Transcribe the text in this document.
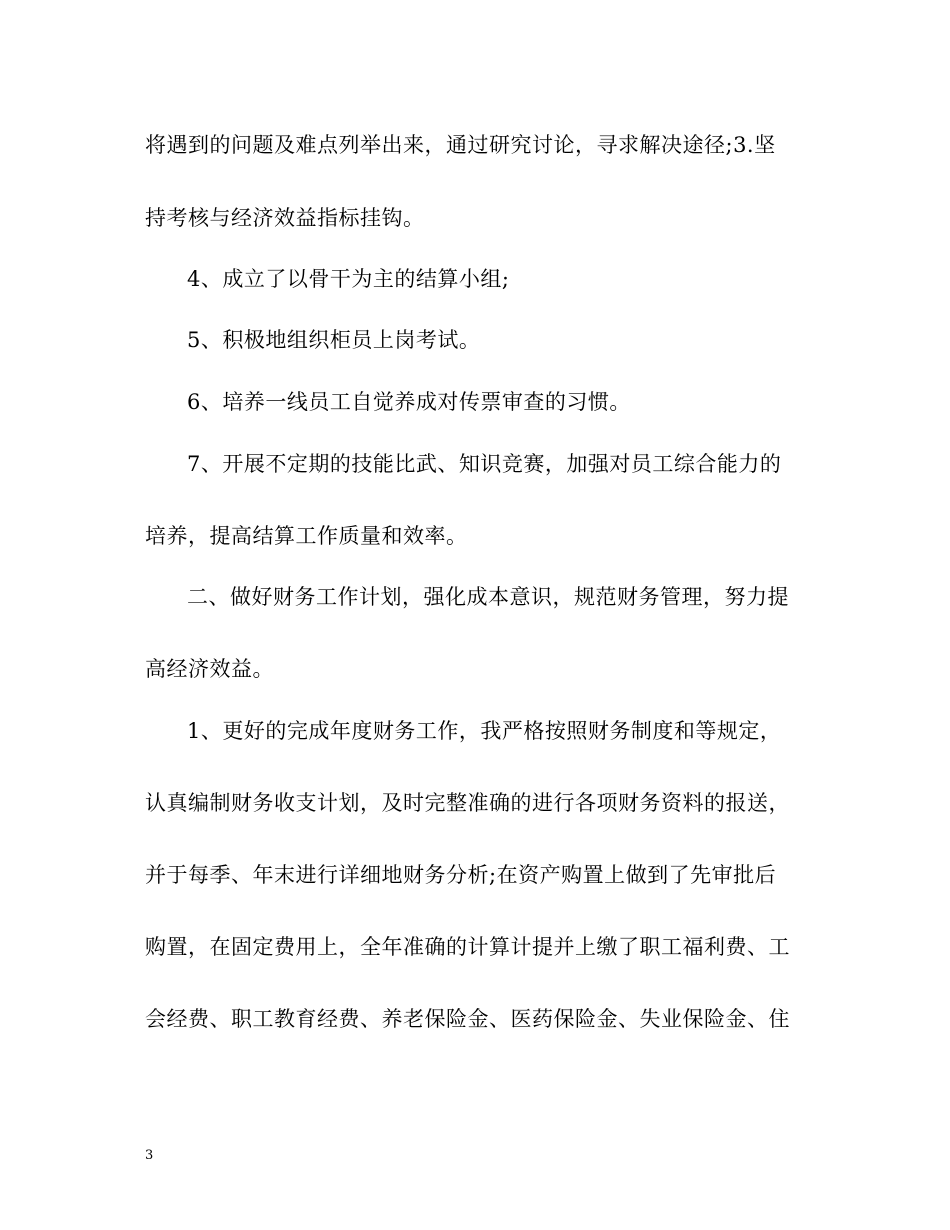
将遇到的问题及难点列举出来，通过研究讨论，寻求解决途径;3.坚
持考核与经济效益指标挂钩。
4、成立了以骨干为主的结算小组;
5、积极地组织柜员上岗考试。
6、培养一线员工自觉养成对传票审查的习惯。
7、开展不定期的技能比武、知识竞赛，加强对员工综合能力的
培养，提高结算工作质量和效率。
二、做好财务工作计划，强化成本意识，规范财务管理，努力提
高经济效益。
1、更好的完成年度财务工作，我严格按照财务制度和等规定，
认真编制财务收支计划，及时完整准确的进行各项财务资料的报送，
并于每季、年末进行详细地财务分析;在资产购置上做到了先审批后
购置，在固定费用上，全年准确的计算计提并上缴了职工福利费、工
会经费、职工教育经费、养老保险金、医药保险金、失业保险金、住
3
